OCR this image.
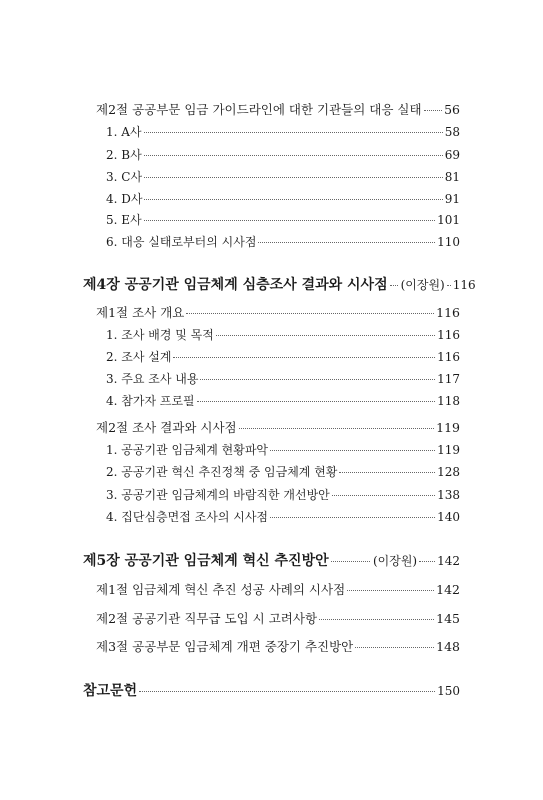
제2절 공공부문 임금 가이드라인에 대한 기관들의 대응 실태 56
1. A사	58
2. B사	69
3. C사	81
4. D사	91
5. E사	101
6. 대응 실태로부터의 시사점	110
제4장 공공기관 임금체계 심층조사 결과와 시사점 (이장원) 116
제1절 조사 개요	116
1. 조사 배경 및 목적	116
2. 조사 설계	116
3. 주요 조사 내용	117
4. 참가자 프로필	118
제2절 조사 결과와 시사점	119
1. 공공기관 임금체계 현황파악	119
2. 공공기관 혁신 추진정책 중 임금체계 현황	128
3. 공공기관 임금체계의 바람직한 개선방안	138
4. 집단심층면접 조사의 시사점	140
제5장 공공기관 임금체계 혁신 추진방안	(이장원) 142
제1절 임금체계 혁신 추진 성공 사례의 시사점	142
제2절 공공기관 직무급 도입 시 고려사항	145
제3절 공공부문 임금체계 개편 중장기 추진방안	148
참고문헌	150
